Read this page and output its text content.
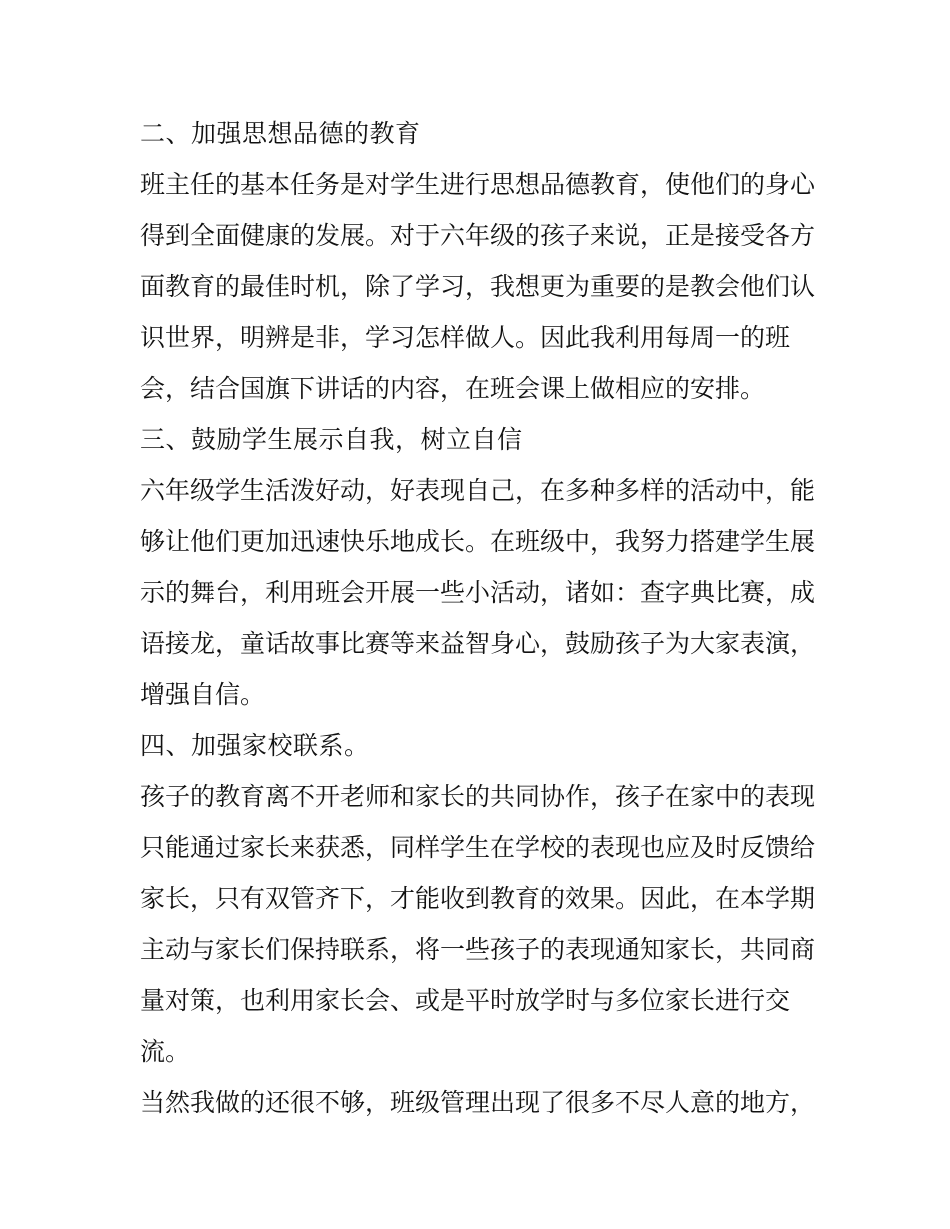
二、加强思想品德的教育
班主任的基本任务是对学生进行思想品德教育，使他们的身心
得到全面健康的发展。对于六年级的孩子来说，正是接受各方
面教育的最佳时机，除了学习，我想更为重要的是教会他们认
识世界，明辨是非，学习怎样做人。因此我利用每周一的班
会，结合国旗下讲话的内容，在班会课上做相应的安排。
三、鼓励学生展示自我，树立自信
六年级学生活泼好动，好表现自己，在多种多样的活动中，能
够让他们更加迅速快乐地成长。在班级中，我努力搭建学生展
示的舞台，利用班会开展一些小活动，诸如：查字典比赛，成
语接龙，童话故事比赛等来益智身心，鼓励孩子为大家表演，
增强自信。
四、加强家校联系。
孩子的教育离不开老师和家长的共同协作，孩子在家中的表现
只能通过家长来获悉，同样学生在学校的表现也应及时反馈给
家长，只有双管齐下，才能收到教育的效果。因此，在本学期
主动与家长们保持联系，将一些孩子的表现通知家长，共同商
量对策，也利用家长会、或是平时放学时与多位家长进行交
流。
当然我做的还很不够，班级管理出现了很多不尽人意的地方，
